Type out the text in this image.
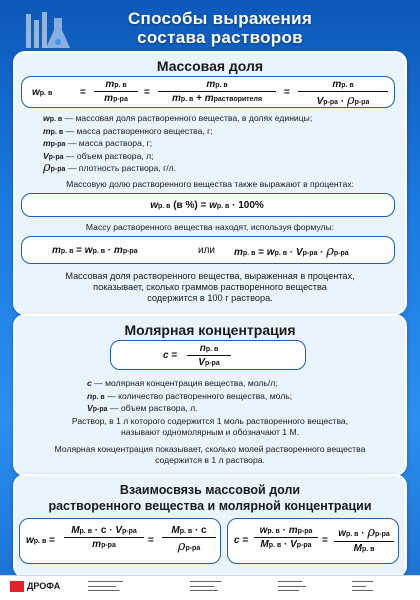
Способы выражения
состава растворов
Массовая доля
wр. в	=
mр. в
mр-ра
=
mр. в
mр. в + mрастворителя
=
mр. в
Vр-ра · ρр-ра
wр. в — массовая доля растворенного вещества, в долях единицы;
mр. в — масса растворенного вещества, г;
mр-ра — масса раствора, г;
Vр-ра — объем раствора, л;
ρр-ра — плотность раствора, г/л.
Массовую долю растворенного вещества также выражают в процентах:
wр. в (в %) = wр. в · 100%
Массу растворенного вещества находят, используя формулы:
mр. в = wр. в · mр-ра	или mр. в = wр. в · Vр-ра · ρр-ра
Массовая доля растворенного вещества, выраженная в процентах,
показывает, сколько граммов растворенного вещества
содержится в 100 г раствора.
Молярная концентрация
c =
nр. в
Vр-ра
c — молярная концентрация вещества, моль/л;
nр. в — количество растворенного вещества, моль;
Vр-ра — объем раствора, л.
Раствор, в 1 л которого содержится 1 моль растворенного вещества,
называют одномолярным и обозначают 1 М.
Молярная концентрация показывает, сколько молей растворенного вещества
содержится в 1 л раствора.
Взаимосвязь массовой доли
растворенного вещества и молярной концентрации
wр. в =
Mр. в · c · Vр-ра
mр-ра	=
Mр. в · c
ρр-ра
c =
wр. в · mр-ра
Mр. в · Vр-ра	=
wр. в · ρр-ра
Mр. в
ДРОФА	▬▬▬▬▬▬▬▬▬▬
▬▬▬▬▬▬▬▬
▬▬▬▬▬▬▬▬▬
▬▬▬▬▬▬▬▬▬
▬▬▬▬▬▬▬
▬▬▬▬▬▬▬▬
▬▬▬▬▬▬▬
▬▬▬▬▬▬▬▬
▬▬▬▬▬▬
▬▬▬▬▬▬
▬▬▬▬
▬▬▬▬▬▬
